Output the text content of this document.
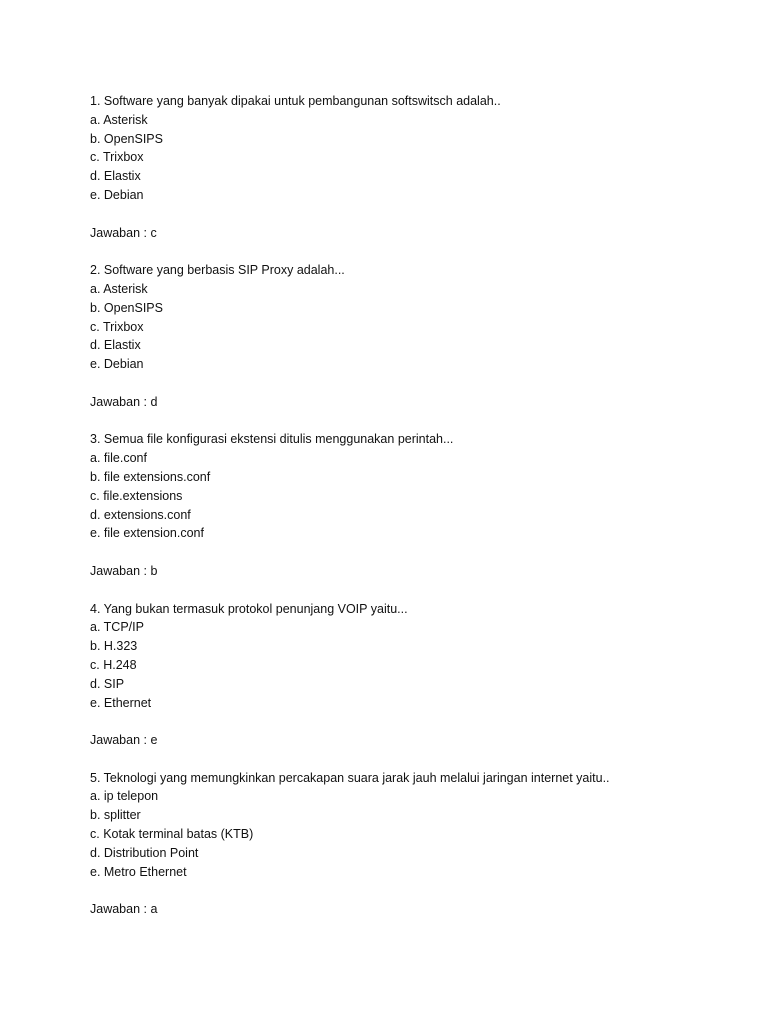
1. Software yang banyak dipakai untuk pembangunan softswitsch adalah..
a. Asterisk
b. OpenSIPS
c. Trixbox
d. Elastix
e. Debian
Jawaban : c
2. Software yang berbasis SIP Proxy adalah...
a. Asterisk
b. OpenSIPS
c. Trixbox
d. Elastix
e. Debian
Jawaban : d
3. Semua file konfigurasi ekstensi ditulis menggunakan perintah...
a. file.conf
b. file extensions.conf
c. file.extensions
d. extensions.conf
e. file extension.conf
Jawaban : b
4. Yang bukan termasuk protokol penunjang VOIP yaitu...
a. TCP/IP
b. H.323
c. H.248
d. SIP
e. Ethernet
Jawaban : e
5. Teknologi yang memungkinkan percakapan suara jarak jauh melalui jaringan internet yaitu..
a. ip telepon
b. splitter
c. Kotak terminal batas (KTB)
d. Distribution Point
e. Metro Ethernet
Jawaban : a
